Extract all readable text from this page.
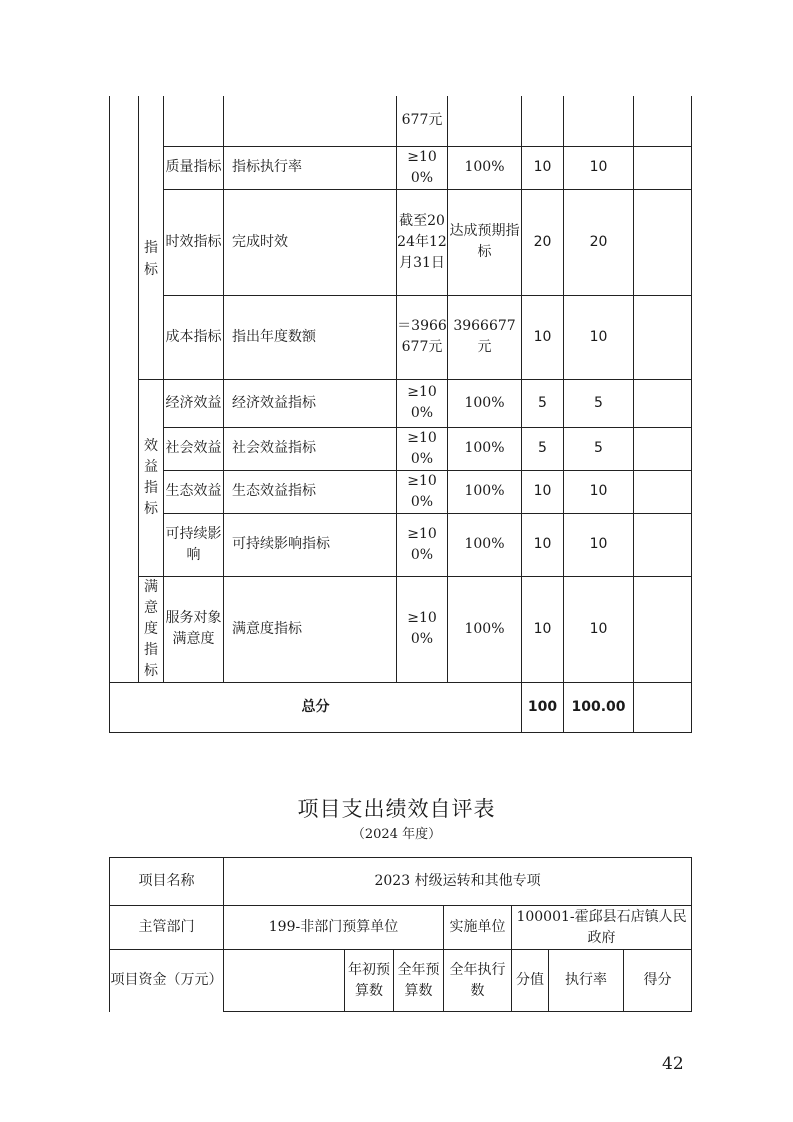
	指标			677元				
		质量指标	指标执行率	≥100%	100%	10	10	
		时效指标	完成时效	截至2024年12月31日	达成预期指标	20	20	
		成本指标	指出年度数额	＝3966677元	3966677元	10	10	
	效益指标	经济效益	经济效益指标	≥100%	100%	5	5	
		社会效益	社会效益指标	≥100%	100%	5	5	
		生态效益	生态效益指标	≥100%	100%	10	10	
		可持续影响	可持续影响指标	≥100%	100%	10	10	
	满意度指标	服务对象满意度	满意度指标	≥100%	100%	10	10	
总分						100	100.00	
项目支出绩效自评表
（2024 年度）
项目名称	2023 村级运转和其他专项						
主管部门	199-非部门预算单位			实施单位	100001-霍邱县石店镇人民政府		
项目资金（万元）		年初预算数	全年预算数	全年执行数	分值	执行率	得分
42
